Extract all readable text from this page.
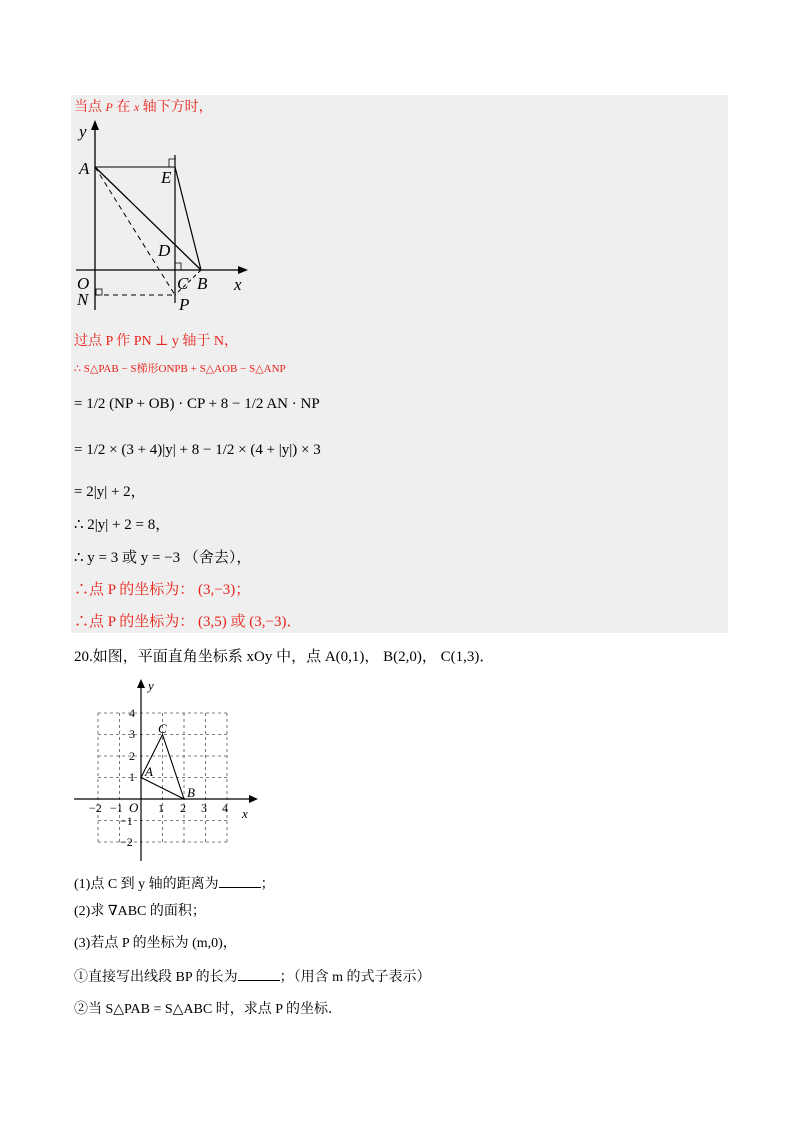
当点 P 在 x 轴下方时，
y
A	E
D
O	C B x
N	P
过点 P 作 PN ⊥ y 轴于 N，
∴ S△PAB − S梯形ONPB + S△AOB − S△ANP
= 1/2 (NP + OB) · CP + 8 − 1/2 AN · NP
= 1/2 × (3 + 4)|y| + 8 − 1/2 × (4 + |y|) × 3
= 2|y| + 2，
∴ 2|y| + 2 = 8，
∴ y = 3 或 y = −3 （舍去），
∴点 P 的坐标为： (3,−3)；
∴点 P 的坐标为： (3,5) 或 (3,−3)．
20.如图，平面直角坐标系 xOy 中，点 A(0,1)， B(2,0)， C(1,3)．
y
x
O
−2 −1	1 2 3 4
4
3
2
1
−1
−2
A
B
C
(1)点 C 到 y 轴的距离为	；
(2)求 ∇ABC 的面积；
(3)若点 P 的坐标为 (m,0)，
①直接写出线段 BP 的长为	；（用含 m 的式子表示）
②当 S△PAB = S△ABC 时，求点 P 的坐标．
